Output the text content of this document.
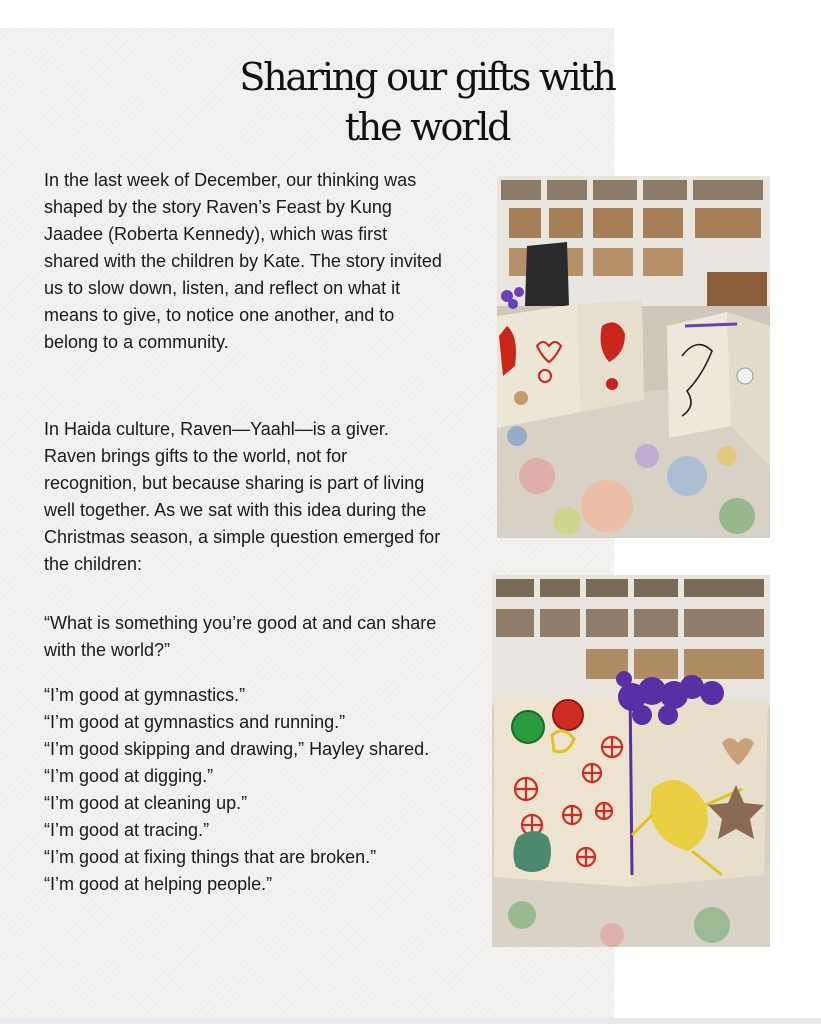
Sharing our gifts with the world

In the last week of December, our thinking was shaped by the story Raven’s Feast by Kung Jaadee (Roberta Kennedy), which was first shared with the children by Kate. The story invited us to slow down, listen, and reflect on what it means to give, to notice one another, and to belong to a community.

In Haida culture, Raven—Yaahl—is a giver. Raven brings gifts to the world, not for recognition, but because sharing is part of living well together. As we sat with this idea during the Christmas season, a simple question emerged for the children:

“What is something you’re good at and can share with the world?”

“I’m good at gymnastics.”

“I’m good at gymnastics and running.”

“I’m good skipping and drawing,” Hayley shared.

“I’m good at digging.”

“I’m good at cleaning up.”

“I’m good at tracing.”

“I’m good at fixing things that are broken.”

“I’m good at helping people.”
